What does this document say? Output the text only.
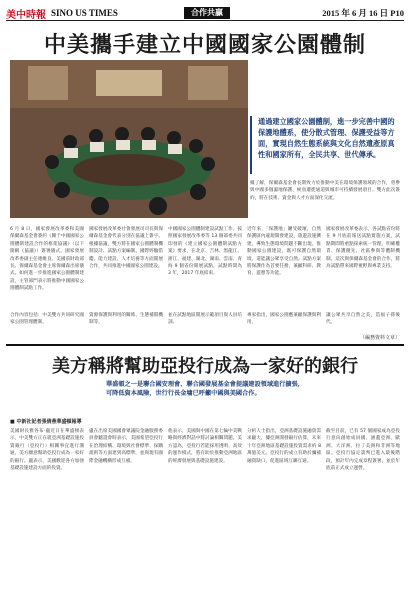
美中時報 SINO US TIMES	合作共贏	2015 年 6 月 16 日 P10
中美攜手建立中國國家公園體制
通過建立國家公園體制，進一步完善中國的保護地體系，使分散式管理、保護受益等方面，實現自然生態系統與文化自然遺產原真性和國家所有，全民共享、世代傳承。
據了解，保爾森基金會長期致力於推動中美在環境保護領域的合作，曾參與中國多個濕地保護、候鳥遷徙通道與城市可持續發展項目。雙方此次簽約，將在技術、資金與人才方面深化交流。
6 月 8 日，國家發展改革委和美國保爾森基金會簽約《關于中國國家公園體制建設合作的框架協議》（以下簡稱《協議》）簽署儀式。國家發展改革委副主任連維良、美國前財政部長、保爾森基金會主席保爾森出席儀式。如何進一步推進國家公園體制建設，主管部門表示將推動中國國家公園體制試點工作。
國家發展改革委社會發展司司長與保爾森基金會代表分別在協議上簽字。根據協議，雙方將在國家公園體制機制設計、試點方案編制、國際經驗借鑑、能力建設、人才培養等方面開展合作，共同推進中國國家公園建設。
中國國家公園體制建設試點工作，按照國家發展改革委等 13 個部委共同印發的《建立國家公園體制試點方案》要求，在北京、吉林、黑龍江、浙江、福建、湖北、湖南、雲南、青海 9 個省份開展試點，試點時間為 3 年，2017 年底結束。
近年來，「保護地」屢受破壞，自然保護區內違規開發建設、旅遊設施擴建，導致生態環境問題不斷出現。推動國家公園建設，既可保護自然環境，還能讓公眾享受自然。試點方案將保護作為首要任務，兼顧科研、教育、遊憩等功能。
國家發展改革委表示，各試點省份將在 9 月底前報送試點實施方案，試點期間將重點探索統一管理、明確權責、保護優先、社區參與等體制機制。這次與保爾森基金會的合作，將為試點帶來國際視野與專業支持。
合作內容包括：中美雙方共同研究國家公園管理體制、
資源保護與利用的關係、生態補償機制等，
並在試點地區開展示範項目與人員培訓。
專家指出，國家公園應兼顧保護與利用，
讓公眾共享自然之美，造福子孫後代。
（編務資料文章）
美方稱將幫助亞投行成為一家好的銀行
華盛頓之一是聯合國安理會、聯合國發展基金會提議建設領域進行擴張，可降低資本風險，世行行長金墉已呼籲中國與美國合作。
■ 中新社記者張倩燕華盛頓報導
美國財長雅各布·盧近日在華盛頓表示，中美雙方正在就亞洲基礎設施投資銀行（亞投行）相關事宜進行溝通，美方願意幫助亞投行成為一家好的銀行。盧表示，美國歡迎各方加強基礎設施建設方面的投資。
盧在出席美國國會眾議院金融服務委員會聽證會時表示，美國希望亞投行在治理結構、環境與社會標準、採購規則等方面達到高標準，並與現有國際金融機構形成互補。
他表示，美國與中國在第七輪中美戰略與經濟對話中將討論相關問題。美方認為，亞投行若能採用透明、高效的運作模式，將有助於推動亞洲地區的經濟發展與基礎設施建設。
分析人士指出，亞洲基礎設施融資需求龐大，據亞洲開發銀行估算，未來十年亞洲地區基礎設施投資需求約 8 萬億美元。亞投行的成立有助於彌補融資缺口，促進區域互聯互通。
截至目前，已有 57 個國家成為亞投行意向創始成員國，涵蓋亞洲、歐洲、大洋洲、拉丁美洲和非洲等地區。亞投行協定談判已進入最後階段，預計年內完成章程簽署，並於年底前正式成立運營。
